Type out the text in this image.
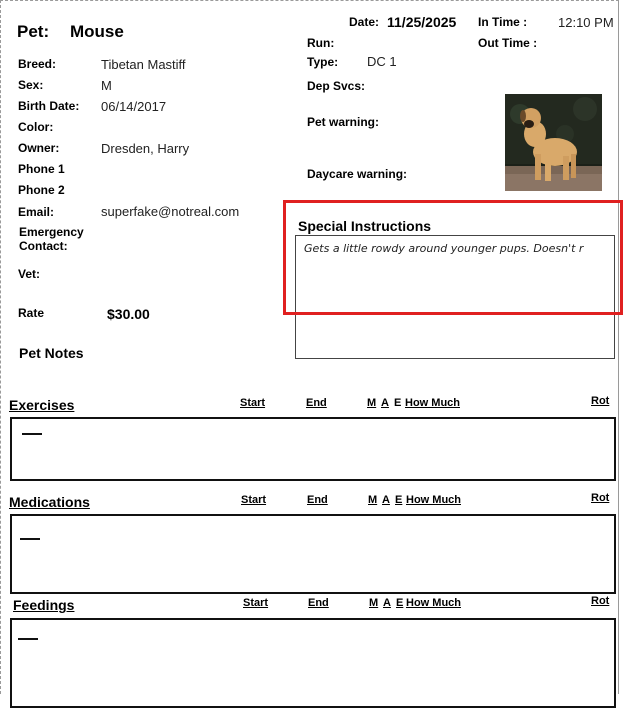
Pet: Mouse
Breed:	Tibetan Mastiff
Sex:	M
Birth Date: 06/14/2017
Color:
Owner:	Dresden, Harry
Phone 1
Phone 2
Email:	superfake@notreal.com
Emergency
Contact:
Vet:
Rate	$30.00
Pet Notes
Date: 11/25/2025 In Time : 12:10 PM
Run:	Out Time :
Type: DC 1
Dep Svcs:
Pet warning:
Daycare warning:
Special Instructions
Gets a little rowdy around younger pups. Doesn't r
Exercises	Start	End	M A E How Much	Rot
Medications	Start	End	M A E How Much	Rot
Feedings	Start	End	M A E How Much	Rot
